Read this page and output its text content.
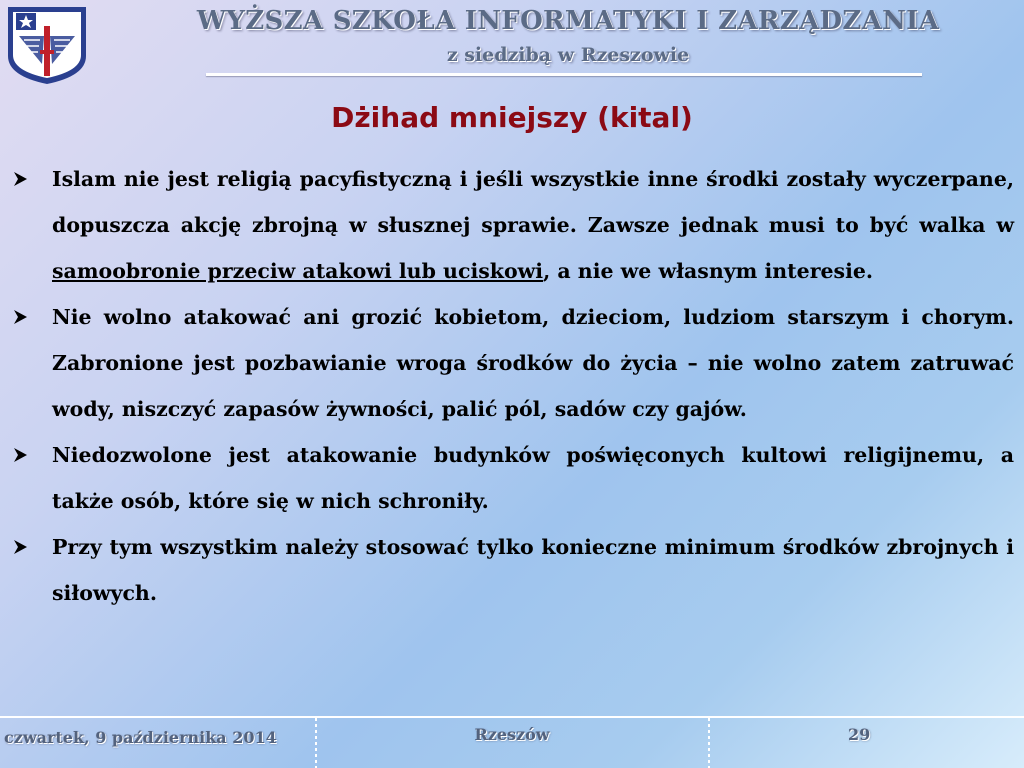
WYŻSZA SZKOŁA INFORMATYKI I ZARZĄDZANIA
z siedzibą w Rzeszowie
Dżihad mniejszy (kital)
Islam nie jest religią pacyfistyczną i jeśli wszystkie inne środki zostały wyczerpane, dopuszcza akcję zbrojną w słusznej sprawie. Zawsze jednak musi to być walka w samoobronie przeciw atakowi lub uciskowi, a nie we własnym interesie.
Nie wolno atakować ani grozić kobietom, dzieciom, ludziom starszym i chorym. Zabronione jest pozbawianie wroga środków do życia – nie wolno zatem zatruwać wody, niszczyć zapasów żywności, palić pól, sadów czy gajów.
Niedozwolone jest atakowanie budynków poświęconych kultowi religijnemu, a także osób, które się w nich schroniły.
Przy tym wszystkim należy stosować tylko konieczne minimum środków zbrojnych i siłowych.
czwartek, 9 października 2014	Rzeszów	29
